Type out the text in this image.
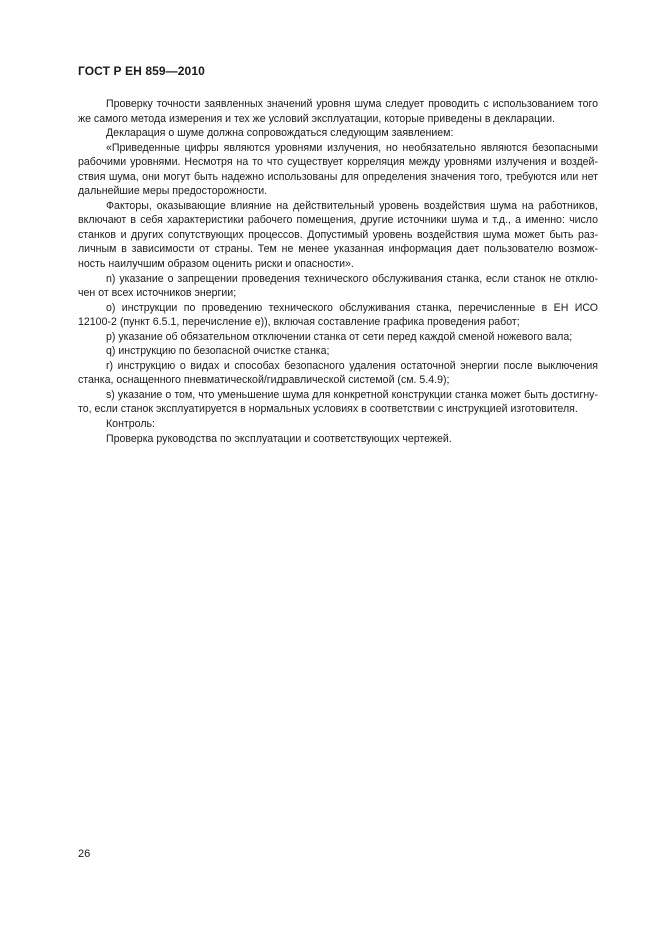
ГОСТ Р ЕН 859—2010

Проверку точности заявленных значений уровня шума следует проводить с использованием того же самого метода измерения и тех же условий эксплуатации, которые приведены в декларации.

Декларация о шуме должна сопровождаться следующим заявлением:

«Приведенные цифры являются уровнями излучения, но необязательно являются безопасными рабочими уровнями. Несмотря на то что существует корреляция между уровнями излучения и воздействия шума, они могут быть надежно использованы для определения значения того, требуются или нет дальнейшие меры предосторожности.

Факторы, оказывающие влияние на действительный уровень воздействия шума на работников, включают в себя характеристики рабочего помещения, другие источники шума и т.д., а именно: число станков и других сопутствующих процессов. Допустимый уровень воздействия шума может быть различным в зависимости от страны. Тем не менее указанная информация дает пользователю возможность наилучшим образом оценить риски и опасности».

n) указание о запрещении проведения технического обслуживания станка, если станок не отключен от всех источников энергии;

о) инструкции по проведению технического обслуживания станка, перечисленные в ЕН ИСО 12100-2 (пункт 6.5.1, перечисление е)), включая составление графика проведения работ;

р) указание об обязательном отключении станка от сети перед каждой сменой ножевого вала;

q) инструкцию по безопасной очистке станка;

r) инструкцию о видах и способах безопасного удаления остаточной энергии после выключения станка, оснащенного пневматической/гидравлической системой (см. 5.4.9);

s) указание о том, что уменьшение шума для конкретной конструкции станка может быть достигнуто, если станок эксплуатируется в нормальных условиях в соответствии с инструкцией изготовителя.

Контроль:

Проверка руководства по эксплуатации и соответствующих чертежей.

26
